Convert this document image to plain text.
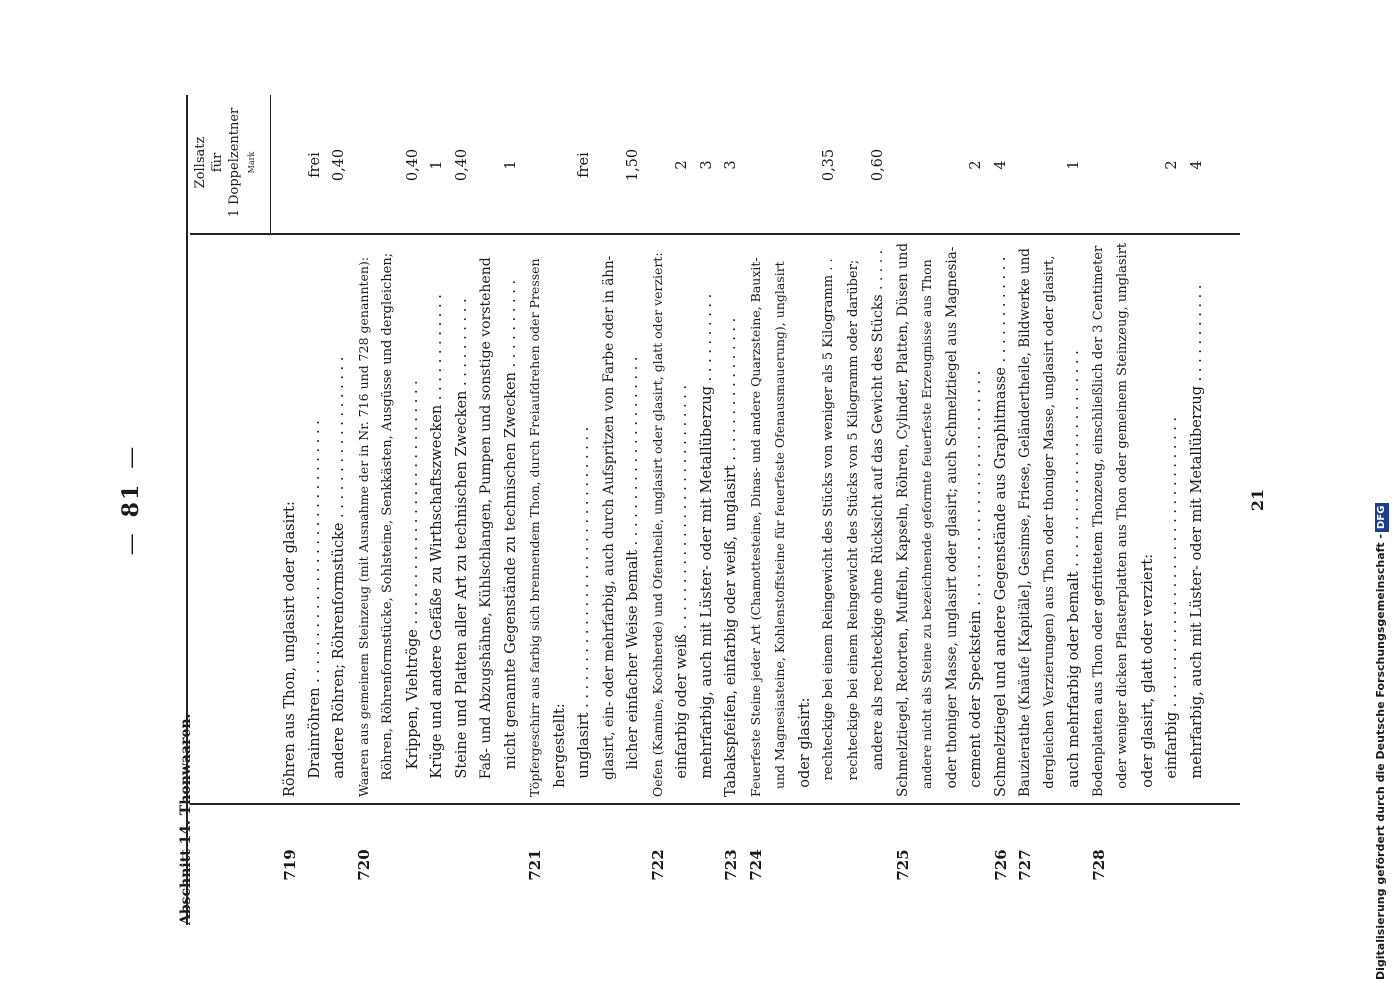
—81—
Abschnitt 14. Thonwaaren.
Zollsatz für 1 Doppelzentner Mark
719
Röhren aus Thon, unglasirt oder glasirt: Drainröhren . . . . . . . . . . . . . . . . . . . . . . . . . . . . .
frei
andere Röhren; Röhrenformstücke . . . . . . . . . . . . . . . . . .
0,40
720
Waaren aus gemeinem Steinzeug (mit Ausnahme der in Nr. 716 und 728 genannten): Röhren, Röhrenformstücke, Sohlsteine, Senkkästen, Ausgüsse und dergleichen; Krippen, Viehtröge . . . . . . . . . . . . . . . . . . . . . . . . . . .
0,40
Krüge und andere Gefäße zu Wirthschaftszwecken . . . . . . . . . . . .
1
Steine und Platten aller Art zu technischen Zwecken . . . . . . . . . .
0,40
Faß- und Abzugshähne, Kühlschlangen, Pumpen und sonstige vorstehend nicht genannte Gegenstände zu technischen Zwecken . . . . . . . . . .
1
721
Töpfergeschirr aus farbig sich brennendem Thon, durch Freiaufdrehen oder Pressen hergestellt: unglasirt . . . . . . . . . . . . . . . . . . . . . . . . . . . . . . .
frei
glasirt, ein- oder mehrfarbig, auch durch Aufspritzen von Farbe oder in ähn- licher einfacher Weise bemalt . . . . . . . . . . . . . . . . . . . . .
1,50
722
Oefen (Kamine, Kochherde) und Ofentheile, unglasirt oder glasirt, glatt oder verziert: einfarbig oder weiß . . . . . . . . . . . . . . . . . . . . . . . . . . .
2
mehrfarbig, auch mit Lüster- oder mit Metallüberzug . . . . . . . . . .
3
723
Tabakspfeifen, einfarbig oder weiß, unglasirt . . . . . . . . . . . . . . . .
3
724
Feuerfeste Steine jeder Art (Chamottesteine, Dinas- und andere Quarzsteine, Bauxit- und Magnesiasteine, Kohlenstoffsteine für feuerfeste Ofenausmauerung), unglasirt oder glasirt: rechteckige bei einem Reingewicht des Stücks von weniger als 5 Kilogramm . .
0,35
rechteckige bei einem Reingewicht des Stücks von 5 Kilogramm oder darüber; andere als rechteckige ohne Rücksicht auf das Gewicht des Stücks . . . . .
0,60
725
Schmelztiegel, Retorten, Muffeln, Kapseln, Röhren, Cylinder, Platten, Düsen und andere nicht als Steine zu bezeichnende geformte feuerfeste Erzeugnisse aus Thon oder thoniger Masse, unglasirt oder glasirt; auch Schmelztiegel aus Magnesia- cement oder Speckstein . . . . . . . . . . . . . . . . . . . . . . . . . .
2
726
Schmelztiegel und andere Gegenstände aus Graphitmasse . . . . . . . . . . . .
4
727
Bauzierathe (Knäufe [Kapitäle], Gesimse, Friese, Geländertheile, Bildwerke und dergleichen Verzierungen) aus Thon oder thoniger Masse, unglasirt oder glasirt, auch mehrfarbig oder bemalt . . . . . . . . . . . . . . . . . . . . . . . .
1
728
Bodenplatten aus Thon oder gefrittetem Thonzeug, einschließlich der 3 Centimeter oder weniger dicken Pflasterplatten aus Thon oder gemeinem Steinzeug, unglasirt oder glasirt, glatt oder verziert: einfarbig . . . . . . . . . . . . . . . . . . . . . . . . . . . . . . . .
2
mehrfarbig, auch mit Lüster- oder mit Metallüberzug . . . . . . . . . . .
4
21
Digitalisierung gefördert durch die Deutsche Forschungsgemeinschaft -DFG
